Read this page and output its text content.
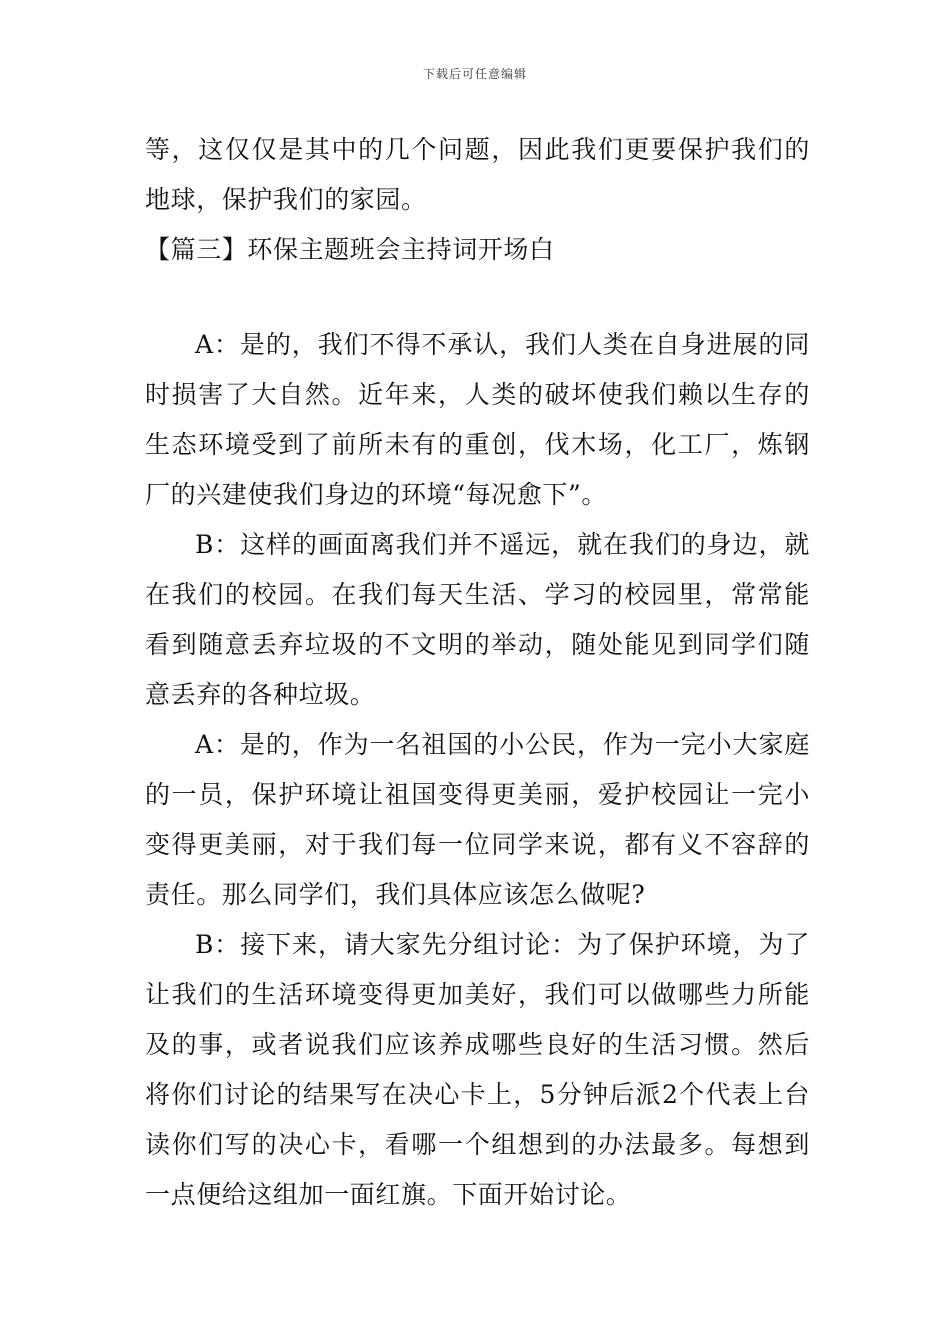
下载后可任意编辑

等，这仅仅是其中的几个问题，因此我们更要保护我们的地球，保护我们的家园。

【篇三】环保主题班会主持词开场白

A：是的，我们不得不承认，我们人类在自身进展的同时损害了大自然。近年来，人类的破坏使我们赖以生存的生态环境受到了前所未有的重创，伐木场，化工厂，炼钢厂的兴建使我们身边的环境“每况愈下”。

B：这样的画面离我们并不遥远，就在我们的身边，就在我们的校园。在我们每天生活、学习的校园里，常常能看到随意丢弃垃圾的不文明的举动，随处能见到同学们随意丢弃的各种垃圾。

A：是的，作为一名祖国的小公民，作为一完小大家庭的一员，保护环境让祖国变得更美丽，爱护校园让一完小变得更美丽，对于我们每一位同学来说，都有义不容辞的责任。那么同学们，我们具体应该怎么做呢?

B：接下来，请大家先分组讨论：为了保护环境，为了让我们的生活环境变得更加美好，我们可以做哪些力所能及的事，或者说我们应该养成哪些良好的生活习惯。然后将你们讨论的结果写在决心卡上，5分钟后派2个代表上台读你们写的决心卡，看哪一个组想到的办法最多。每想到一点便给这组加一面红旗。下面开始讨论。
